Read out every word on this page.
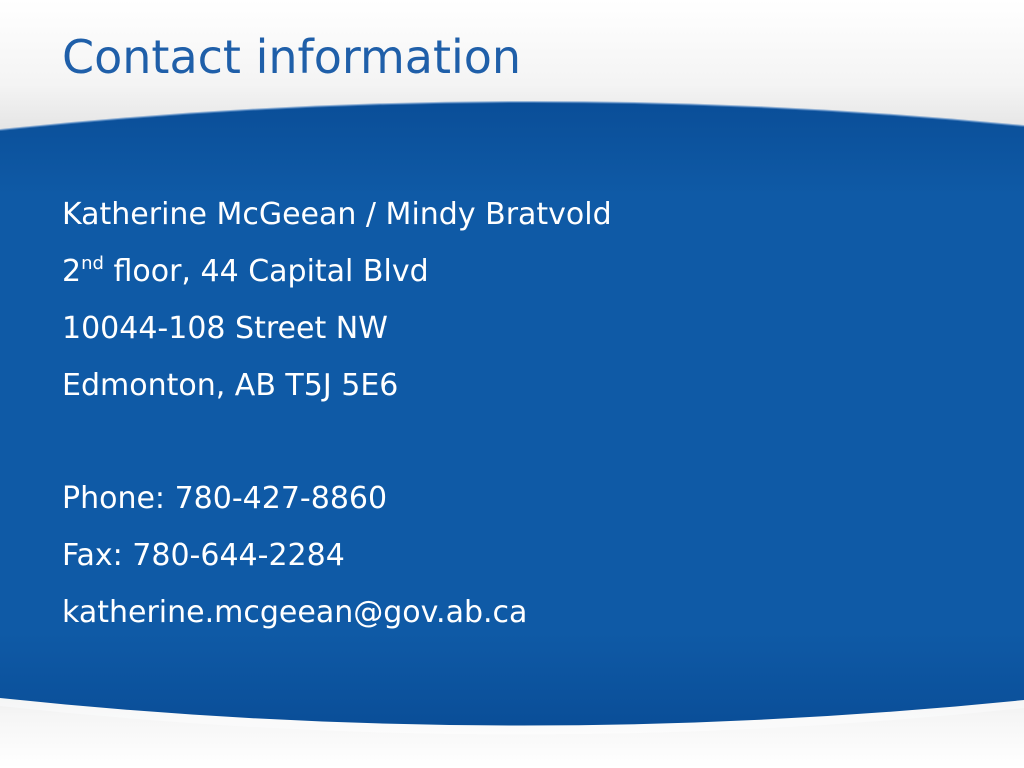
Contact information
Katherine McGeean / Mindy Bratvold
2nd floor, 44 Capital Blvd
10044-108 Street NW
Edmonton, AB T5J 5E6
Phone: 780-427-8860
Fax: 780-644-2284
katherine.mcgeean@gov.ab.ca
